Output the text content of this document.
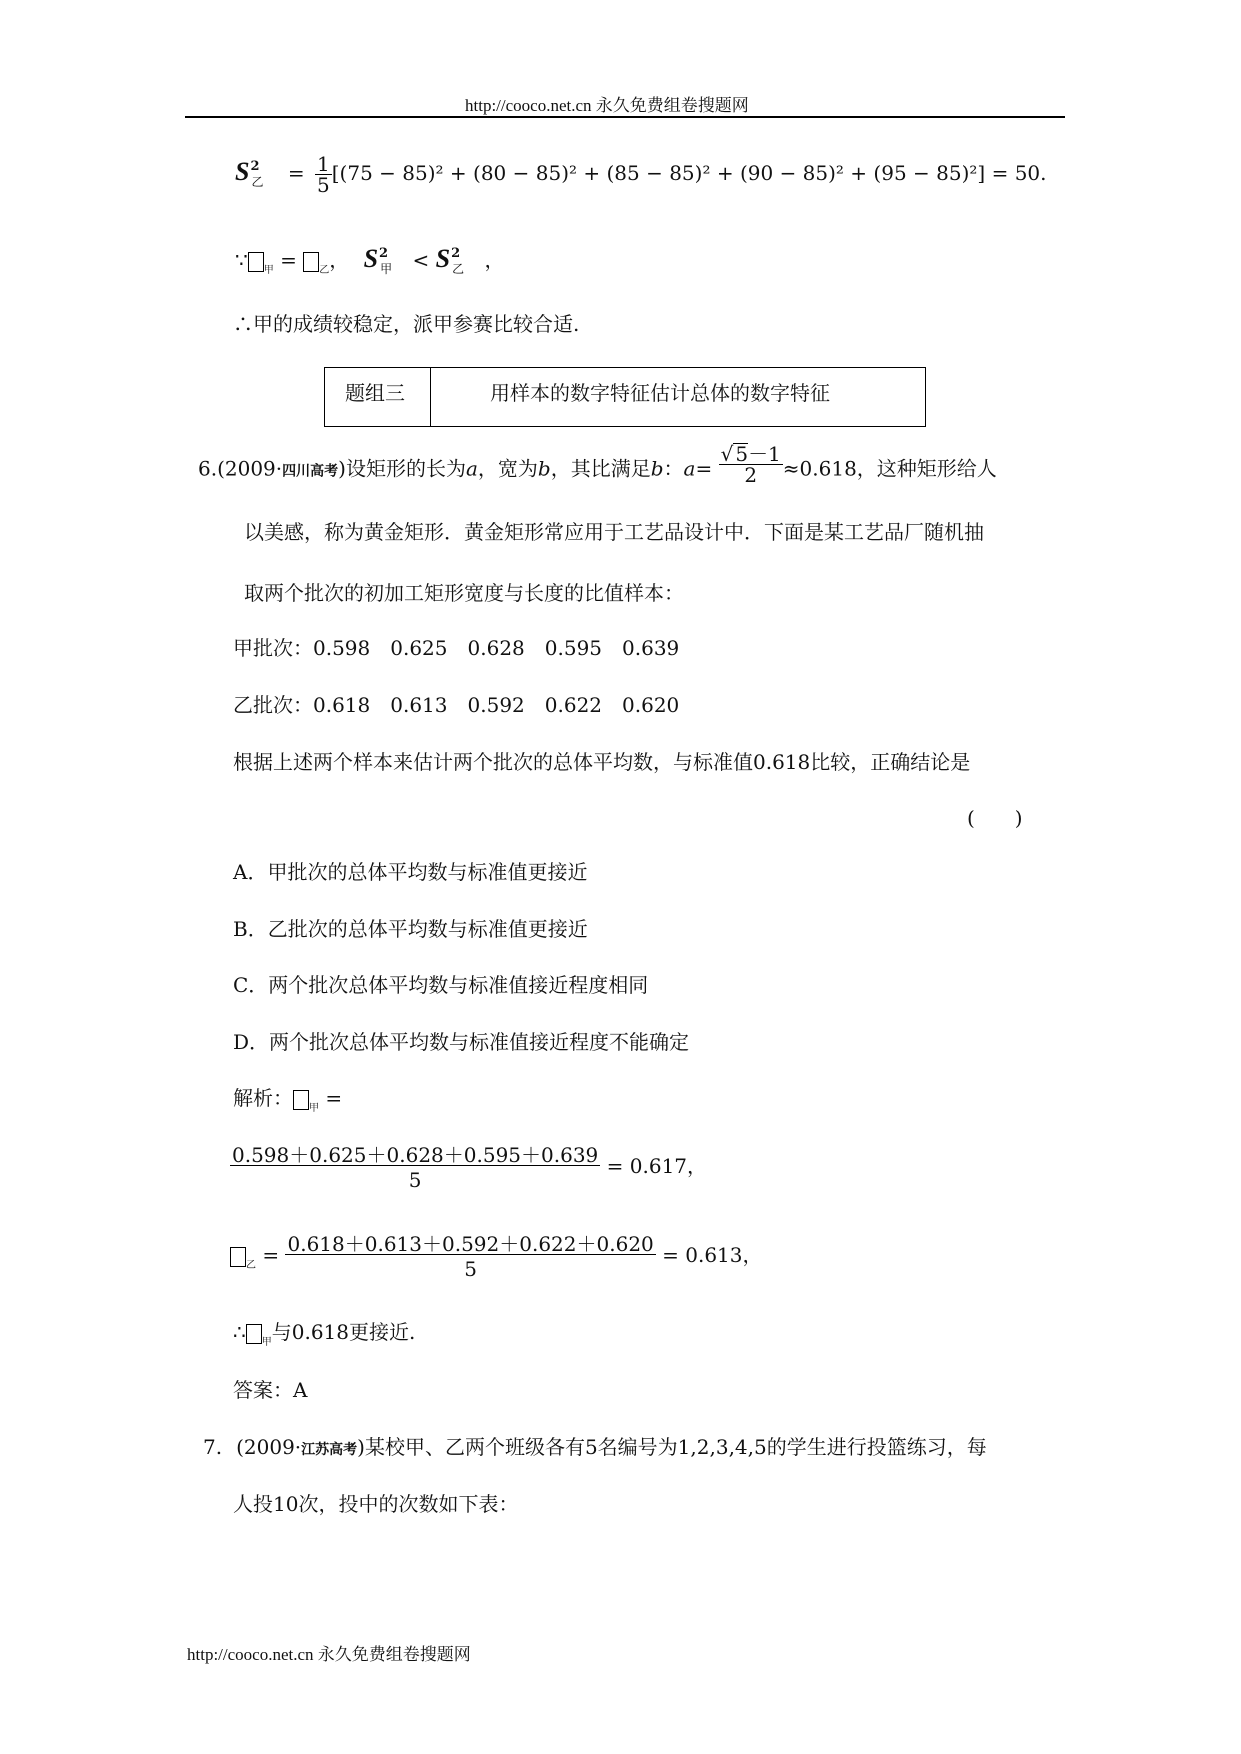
http://cooco.net.cn 永久免费组卷搜题网
$S^2_乙 = \frac{1}{5} [(75 - 85)^2 + (80 - 85)^2 + (85 - 85)^2 + (90 - 85)^2 + (95 - 85)^2] = 50$.
∵ $_甲$ = $_乙$， $S^2_甲 < S^2_乙$ ，
∴甲的成绩较稳定，派甲参赛比较合适.
题组三	用样本的数字特征估计总体的数字特征
6.(2009·四川高考)设矩形的长为a，宽为b，其比满足b：$a= \frac{√ 5-1}{2} \approx 0.618$，这种矩形给人
以美感，称为黄金矩形．黄金矩形常应用于工艺品设计中．下面是某工艺品厂随机抽
取两个批次的初加工矩形宽度与长度的比值样本：
甲批次：0.598　0.625　0.628　0.595　0.639
乙批次：0.618　0.613　0.592　0.622　0.620
根据上述两个样本来估计两个批次的总体平均数，与标准值0.618比较，正确结论是
(　　)
A．甲批次的总体平均数与标准值更接近
B．乙批次的总体平均数与标准值更接近
C．两个批次总体平均数与标准值接近程度相同
D．两个批次总体平均数与标准值接近程度不能确定
解析： $_甲$ =
$\frac{0.598+0.625+0.628+0.595+0.639}{5} = 0.617$，
$_乙 = \frac{0.618+0.613+0.592+0.622+0.620}{5} = 0.613$，
∴ $_甲$与0.618更接近.
答案：A
7. (2009·江苏高考)某校甲、乙两个班级各有5名编号为1,2,3,4,5的学生进行投篮练习，每
人投10次，投中的次数如下表：
http://cooco.net.cn 永久免费组卷搜题网
